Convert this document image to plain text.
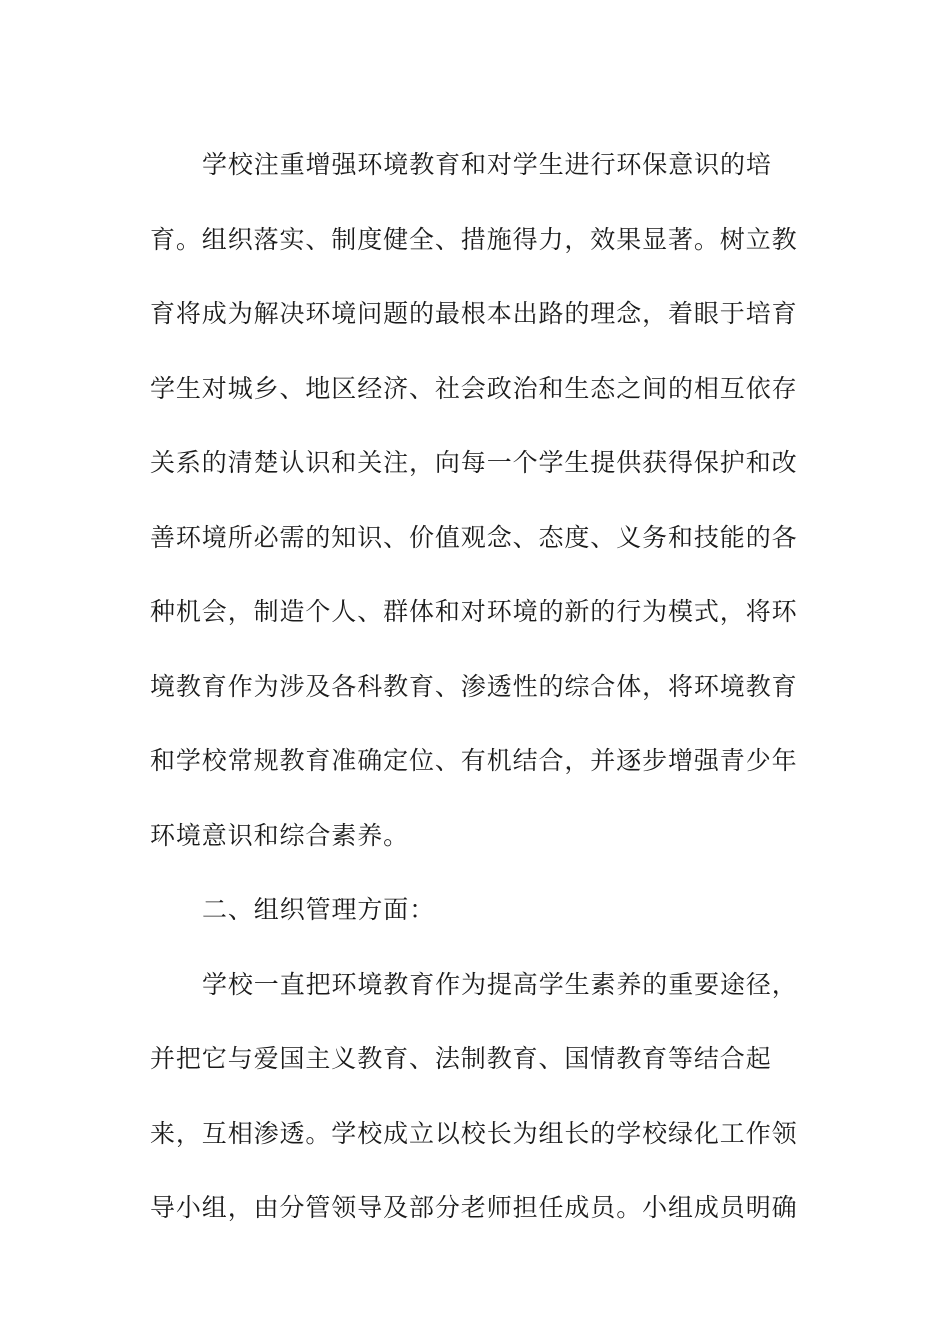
学校注重增强环境教育和对学生进行环保意识的培
育。组织落实、制度健全、措施得力，效果显著。树立教
育将成为解决环境问题的最根本出路的理念，着眼于培育
学生对城乡、地区经济、社会政治和生态之间的相互依存
关系的清楚认识和关注，向每一个学生提供获得保护和改
善环境所必需的知识、价值观念、态度、义务和技能的各
种机会，制造个人、群体和对环境的新的行为模式，将环
境教育作为涉及各科教育、渗透性的综合体，将环境教育
和学校常规教育准确定位、有机结合，并逐步增强青少年
环境意识和综合素养。
二、组织管理方面：
学校一直把环境教育作为提高学生素养的重要途径，
并把它与爱国主义教育、法制教育、国情教育等结合起
来，互相渗透。学校成立以校长为组长的学校绿化工作领
导小组，由分管领导及部分老师担任成员。小组成员明确
